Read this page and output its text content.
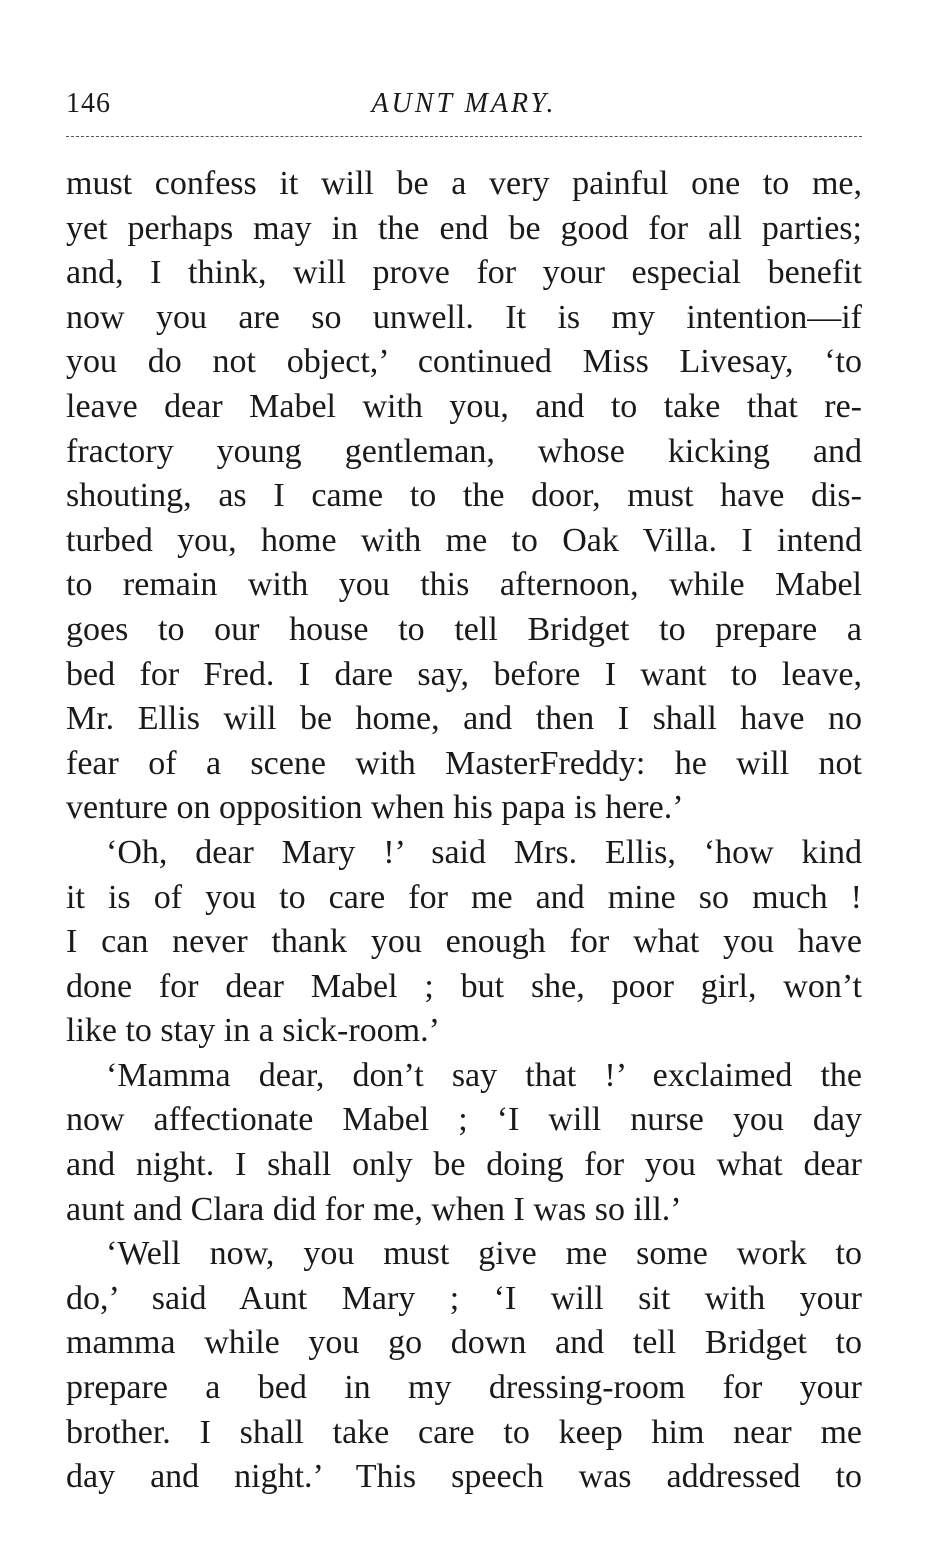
146	AUNT MARY.
must confess it will be a very painful one to me,
yet perhaps may in the end be good for all parties;
and, I think, will prove for your especial benefit
now you are so unwell. It is my intention—if
you do not object,’ continued Miss Livesay, ‘to
leave dear Mabel with you, and to take that re-
fractory young gentleman, whose kicking and
shouting, as I came to the door, must have dis-
turbed you, home with me to Oak Villa. I intend
to remain with you this afternoon, while Mabel
goes to our house to tell Bridget to prepare a
bed for Fred. I dare say, before I want to leave,
Mr. Ellis will be home, and then I shall have no
fear of a scene with MasterFreddy: he will not
venture on opposition when his papa is here.’
‘Oh, dear Mary !’ said Mrs. Ellis, ‘how kind
it is of you to care for me and mine so much !
I can never thank you enough for what you have
done for dear Mabel ; but she, poor girl, won’t
like to stay in a sick-room.’
‘Mamma dear, don’t say that !’ exclaimed the
now affectionate Mabel ; ‘I will nurse you day
and night. I shall only be doing for you what dear
aunt and Clara did for me, when I was so ill.’
‘Well now, you must give me some work to
do,’ said Aunt Mary ; ‘I will sit with your
mamma while you go down and tell Bridget to
prepare a bed in my dressing-room for your
brother. I shall take care to keep him near me
day and night.’ This speech was addressed to
